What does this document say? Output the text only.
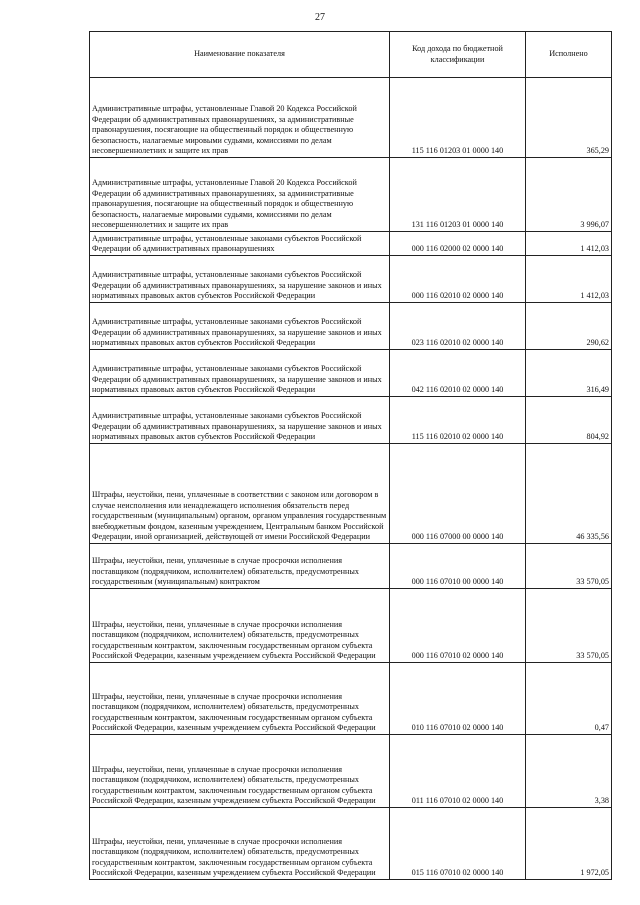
27
Наименование показателя	Код дохода по бюджетной классификации	Исполнено
Административные штрафы, установленные Главой 20 Кодекса Российской Федерации об административных правонарушениях, за административные правонарушения, посягающие на общественный порядок и общественную безопасность, налагаемые мировыми судьями, комиссиями по делам несовершеннолетних и защите их прав	115 116 01203 01 0000 140	365,29
Административные штрафы, установленные Главой 20 Кодекса Российской Федерации об административных правонарушениях, за административные правонарушения, посягающие на общественный порядок и общественную безопасность, налагаемые мировыми судьями, комиссиями по делам несовершеннолетних и защите их прав	131 116 01203 01 0000 140	3 996,07
Административные штрафы, установленные законами субъектов Российской Федерации об административных правонарушениях	000 116 02000 02 0000 140	1 412,03
Административные штрафы, установленные законами субъектов Российской Федерации об административных правонарушениях, за нарушение законов и иных нормативных правовых актов субъектов Российской Федерации	000 116 02010 02 0000 140	1 412,03
Административные штрафы, установленные законами субъектов Российской Федерации об административных правонарушениях, за нарушение законов и иных нормативных правовых актов субъектов Российской Федерации	023 116 02010 02 0000 140	290,62
Административные штрафы, установленные законами субъектов Российской Федерации об административных правонарушениях, за нарушение законов и иных нормативных правовых актов субъектов Российской Федерации	042 116 02010 02 0000 140	316,49
Административные штрафы, установленные законами субъектов Российской Федерации об административных правонарушениях, за нарушение законов и иных нормативных правовых актов субъектов Российской Федерации	115 116 02010 02 0000 140	804,92
Штрафы, неустойки, пени, уплаченные в соответствии с законом или договором в случае неисполнения или ненадлежащего исполнения обязательств перед государственным (муниципальным) органом, органом управления государственным внебюджетным фондом, казенным учреждением, Центральным банком Российской Федерации, иной организацией, действующей от имени Российской Федерации	000 116 07000 00 0000 140	46 335,56
Штрафы, неустойки, пени, уплаченные в случае просрочки исполнения поставщиком (подрядчиком, исполнителем) обязательств, предусмотренных государственным (муниципальным) контрактом	000 116 07010 00 0000 140	33 570,05
Штрафы, неустойки, пени, уплаченные в случае просрочки исполнения поставщиком (подрядчиком, исполнителем) обязательств, предусмотренных государственным контрактом, заключенным государственным органом субъекта Российской Федерации, казенным учреждением субъекта Российской Федерации	000 116 07010 02 0000 140	33 570,05
Штрафы, неустойки, пени, уплаченные в случае просрочки исполнения поставщиком (подрядчиком, исполнителем) обязательств, предусмотренных государственным контрактом, заключенным государственным органом субъекта Российской Федерации, казенным учреждением субъекта Российской Федерации	010 116 07010 02 0000 140	0,47
Штрафы, неустойки, пени, уплаченные в случае просрочки исполнения поставщиком (подрядчиком, исполнителем) обязательств, предусмотренных государственным контрактом, заключенным государственным органом субъекта Российской Федерации, казенным учреждением субъекта Российской Федерации	011 116 07010 02 0000 140	3,38
Штрафы, неустойки, пени, уплаченные в случае просрочки исполнения поставщиком (подрядчиком, исполнителем) обязательств, предусмотренных государственным контрактом, заключенным государственным органом субъекта Российской Федерации, казенным учреждением субъекта Российской Федерации	015 116 07010 02 0000 140	1 972,05
